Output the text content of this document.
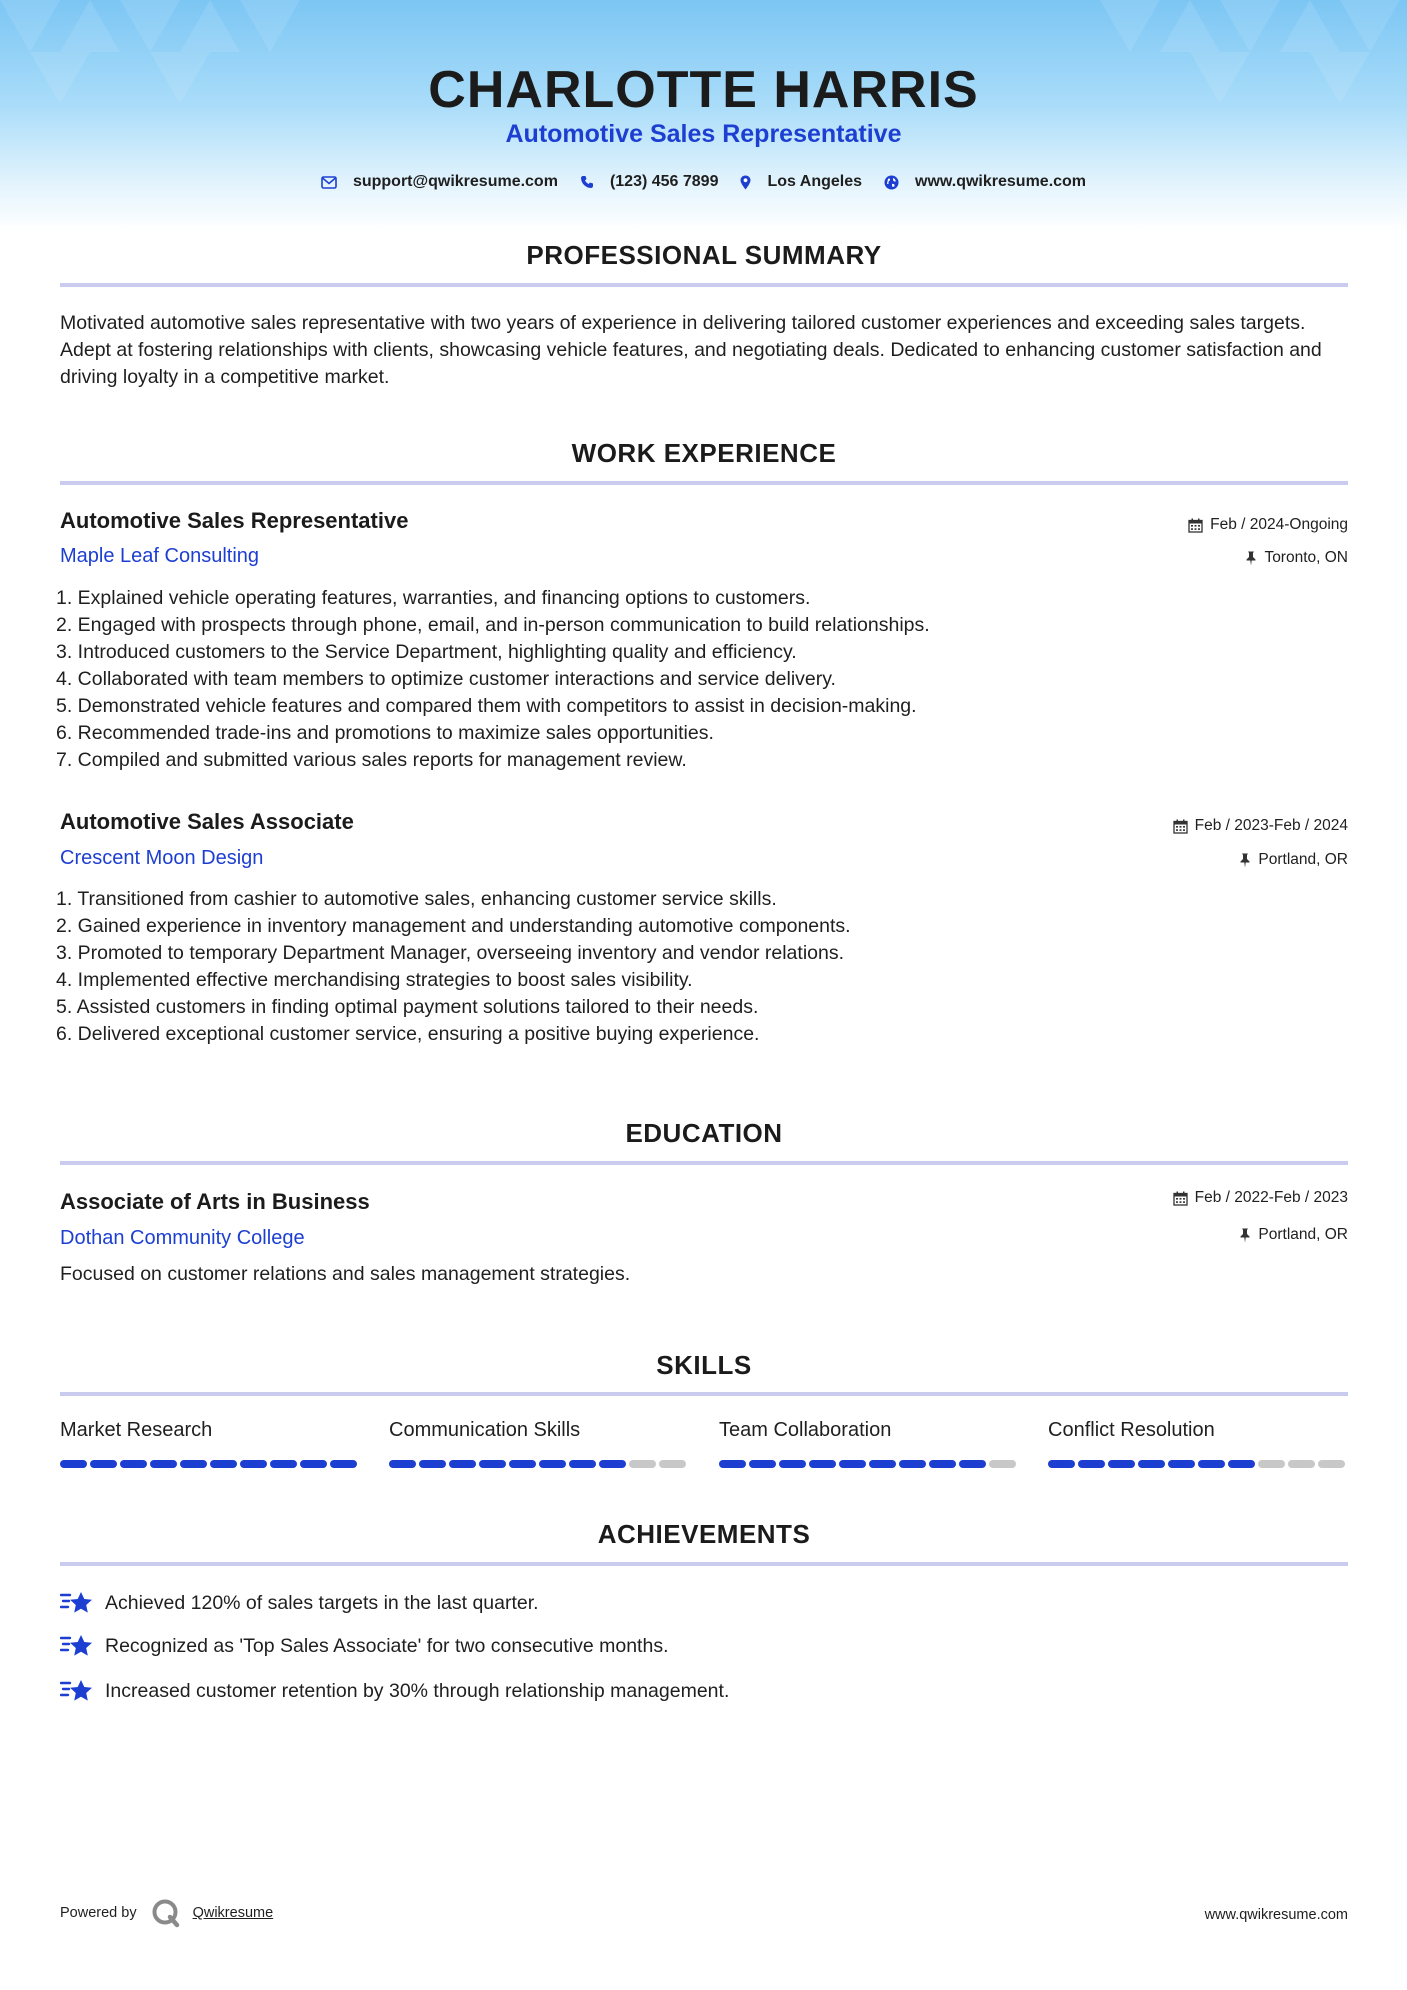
CHARLOTTE HARRIS
Automotive Sales Representative
support@qwikresume.com	(123) 456 7899	Los Angeles	www.qwikresume.com
PROFESSIONAL SUMMARY
Motivated automotive sales representative with two years of experience in delivering tailored customer experiences and exceeding sales targets. Adept at fostering relationships with clients, showcasing vehicle features, and negotiating deals. Dedicated to enhancing customer satisfaction and driving loyalty in a competitive market.
WORK EXPERIENCE
Automotive Sales Representative
Maple Leaf Consulting
Feb / 2024-Ongoing
Toronto, ON
1. Explained vehicle operating features, warranties, and financing options to customers.
2. Engaged with prospects through phone, email, and in-person communication to build relationships.
3. Introduced customers to the Service Department, highlighting quality and efficiency.
4. Collaborated with team members to optimize customer interactions and service delivery.
5. Demonstrated vehicle features and compared them with competitors to assist in decision-making.
6. Recommended trade-ins and promotions to maximize sales opportunities.
7. Compiled and submitted various sales reports for management review.
Automotive Sales Associate
Crescent Moon Design
Feb / 2023-Feb / 2024
Portland, OR
1. Transitioned from cashier to automotive sales, enhancing customer service skills.
2. Gained experience in inventory management and understanding automotive components.
3. Promoted to temporary Department Manager, overseeing inventory and vendor relations.
4. Implemented effective merchandising strategies to boost sales visibility.
5. Assisted customers in finding optimal payment solutions tailored to their needs.
6. Delivered exceptional customer service, ensuring a positive buying experience.
EDUCATION
Associate of Arts in Business
Dothan Community College
Feb / 2022-Feb / 2023
Portland, OR
Focused on customer relations and sales management strategies.
SKILLS
Market Research	Communication Skills	Team Collaboration	Conflict Resolution
ACHIEVEMENTS
Achieved 120% of sales targets in the last quarter.
Recognized as 'Top Sales Associate' for two consecutive months.
Increased customer retention by 30% through relationship management.
Powered by	Qwikresume	www.qwikresume.com
